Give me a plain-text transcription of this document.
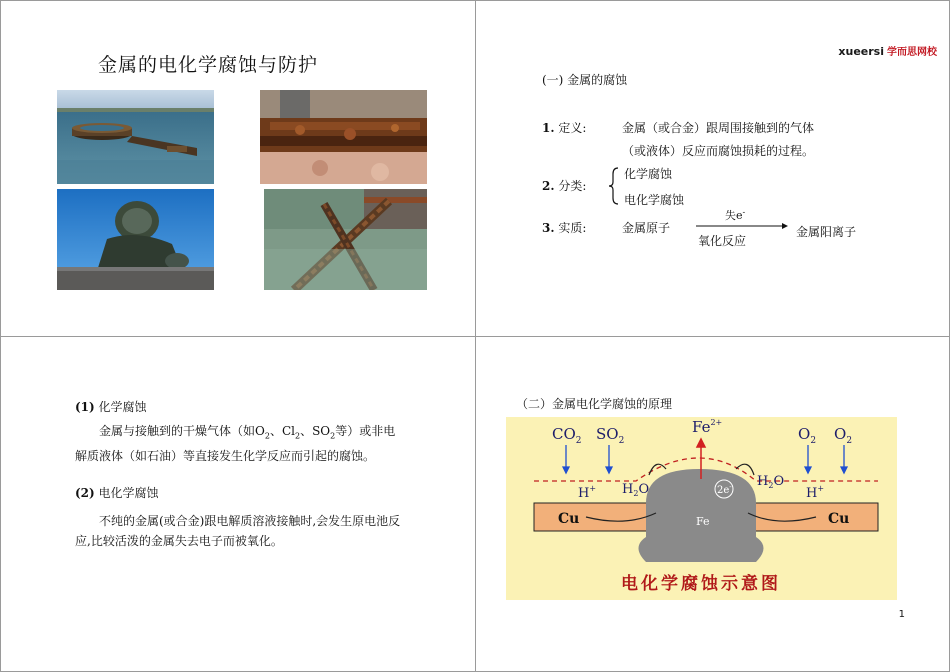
金属的电化学腐蚀与防护
xueersi 学而思网校
(一) 金属的腐蚀
1. 定义:	金属（或合金）跟周围接触到的气体
（或液体）反应而腐蚀损耗的过程。
2. 分类:
化学腐蚀
电化学腐蚀
3. 实质:	金属原子
失e-
氧化反应
金属阳离子
(1) 化学腐蚀
金属与接触到的干燥气体（如$O_2$、$Cl_2$、$SO_2$等）或非电
解质液体（如石油）等直接发生化学反应而引起的腐蚀。
(2) 电化学腐蚀
不纯的金属(或合金)跟电解质溶液接触时,会发生原电池反
应,比较活泼的金属失去电子而被氧化。
（二）金属电化学腐蚀的原理
$CO_2$ $SO_2$	$O_2$ $O_2$
$Fe^{2+}$
$H_2O$
$H_2O$
H+	H+
2e-
Fe
Cu	Cu
电化学腐蚀示意图
1
